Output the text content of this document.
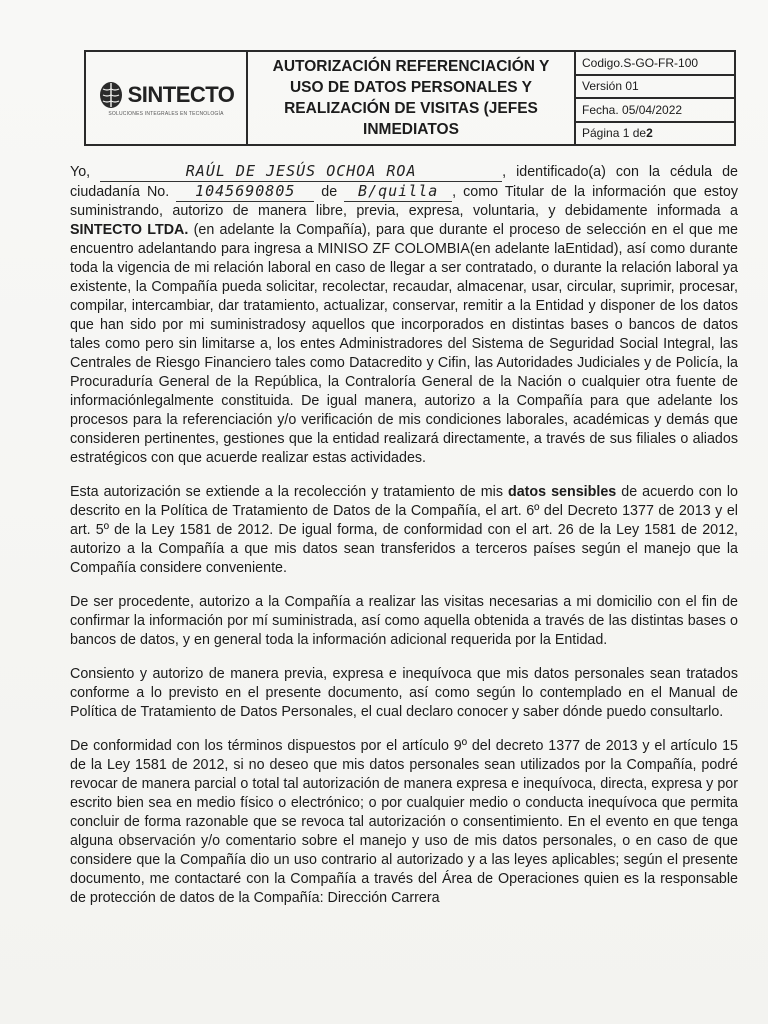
SINTECTO
SOLUCIONES INTEGRALES EN TECNOLOGÍA
AUTORIZACIÓN REFERENCIACIÓN Y USO DE DATOS PERSONALES Y REALIZACIÓN DE VISITAS (JEFES INMEDIATOS
Codigo.S-GO-FR-100
Versión 01
Fecha. 05/04/2022
Página 1 de 2

Yo,	RAÚL DE JESÚS OCHOA ROA	, identificado(a) con la cédula de ciudadanía No. 1045690805 de B/quilla , como Titular de la información que estoy suministrando, autorizo de manera libre, previa, expresa, voluntaria, y debidamente informada a SINTECTO LTDA. (en adelante la Compañía), para que durante el proceso de selección en el que me encuentro adelantando para ingresa a MINISO ZF COLOMBIA(en adelante laEntidad), así como durante toda la vigencia de mi relación laboral en caso de llegar a ser contratado, o durante la relación laboral ya existente, la Compañía pueda solicitar, recolectar, recaudar, almacenar, usar, circular, suprimir, procesar, compilar, intercambiar, dar tratamiento, actualizar, conservar, remitir a la Entidad y disponer de los datos que han sido por mi suministradosy aquellos que incorporados en distintas bases o bancos de datos tales como pero sin limitarse a, los entes Administradores del Sistema de Seguridad Social Integral, las Centrales de Riesgo Financiero tales como Datacredito y Cifin, las Autoridades Judiciales y de Policía, la Procuraduría General de la República, la Contraloría General de la Nación o cualquier otra fuente de informaciónlegalmente constituida. De igual manera, autorizo a la Compañía para que adelante los procesos para la referenciación y/o verificación de mis condiciones laborales, académicas y demás que consideren pertinentes, gestiones que la entidad realizará directamente, a través de sus filiales o aliados estratégicos con que acuerde realizar estas actividades.

Esta autorización se extiende a la recolección y tratamiento de mis datos sensibles de acuerdo con lo descrito en la Política de Tratamiento de Datos de la Compañía, el art. 6º del Decreto 1377 de 2013 y el art. 5º de la Ley 1581 de 2012. De igual forma, de conformidad con el art. 26 de la Ley 1581 de 2012, autorizo a la Compañía a que mis datos sean transferidos a terceros países según el manejo que la Compañía considere conveniente.

De ser procedente, autorizo a la Compañía a realizar las visitas necesarias a mi domicilio con el fin de confirmar la información por mí suministrada, así como aquella obtenida a través de las distintas bases o bancos de datos, y en general toda la información adicional requerida por la Entidad.

Consiento y autorizo de manera previa, expresa e inequívoca que mis datos personales sean tratados conforme a lo previsto en el presente documento, así como según lo contemplado en el Manual de Política de Tratamiento de Datos Personales, el cual declaro conocer y saber dónde puedo consultarlo.

De conformidad con los términos dispuestos por el artículo 9º del decreto 1377 de 2013 y el artículo 15 de la Ley 1581 de 2012, si no deseo que mis datos personales sean utilizados por la Compañía, podré revocar de manera parcial o total tal autorización de manera expresa e inequívoca, directa, expresa y por escrito bien sea en medio físico o electrónico; o por cualquier medio o conducta inequívoca que permita concluir de forma razonable que se revoca tal autorización o consentimiento. En el evento en que tenga alguna observación y/o comentario sobre el manejo y uso de mis datos personales, o en caso de que considere que la Compañía dio un uso contrario al autorizado y a las leyes aplicables; según el presente documento, me contactaré con la Compañía a través del Área de Operaciones quien es la responsable de protección de datos de la Compañía: Dirección Carrera
